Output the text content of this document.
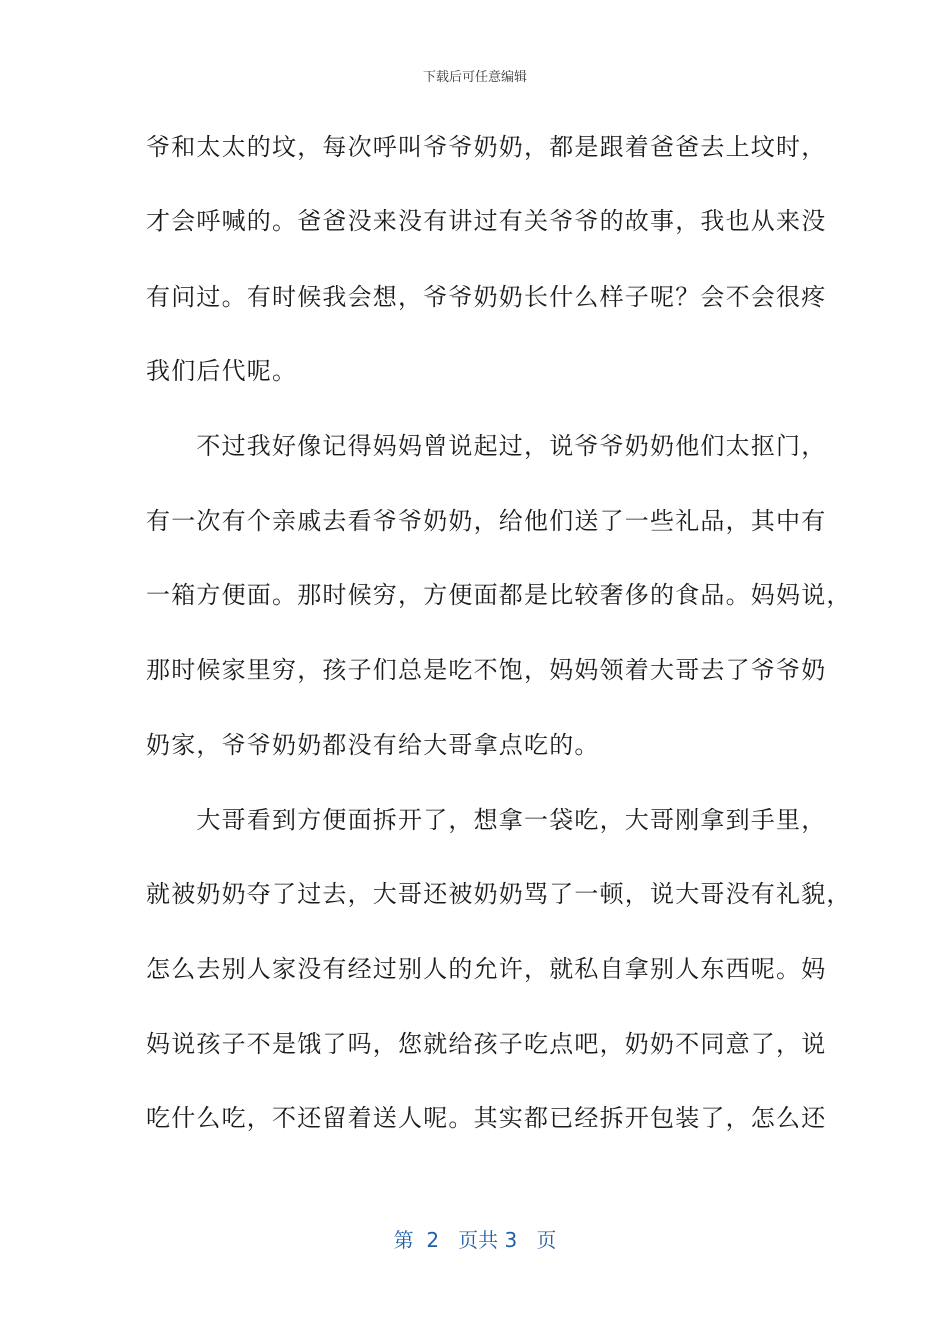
下载后可任意编辑
爷和太太的坟，每次呼叫爷爷奶奶，都是跟着爸爸去上坟时，
才会呼喊的。爸爸没来没有讲过有关爷爷的故事，我也从来没
有问过。有时候我会想，爷爷奶奶长什么样子呢？会不会很疼
我们后代呢。
　　不过我好像记得妈妈曾说起过，说爷爷奶奶他们太抠门，
有一次有个亲戚去看爷爷奶奶，给他们送了一些礼品，其中有
一箱方便面。那时候穷，方便面都是比较奢侈的食品。妈妈说，
那时候家里穷，孩子们总是吃不饱，妈妈领着大哥去了爷爷奶
奶家，爷爷奶奶都没有给大哥拿点吃的。
　　大哥看到方便面拆开了，想拿一袋吃，大哥刚拿到手里，
就被奶奶夺了过去，大哥还被奶奶骂了一顿，说大哥没有礼貌，
怎么去别人家没有经过别人的允许，就私自拿别人东西呢。妈
妈说孩子不是饿了吗，您就给孩子吃点吧，奶奶不同意了，说
吃什么吃，不还留着送人呢。其实都已经拆开包装了，怎么还
第  2   页共 3   页
